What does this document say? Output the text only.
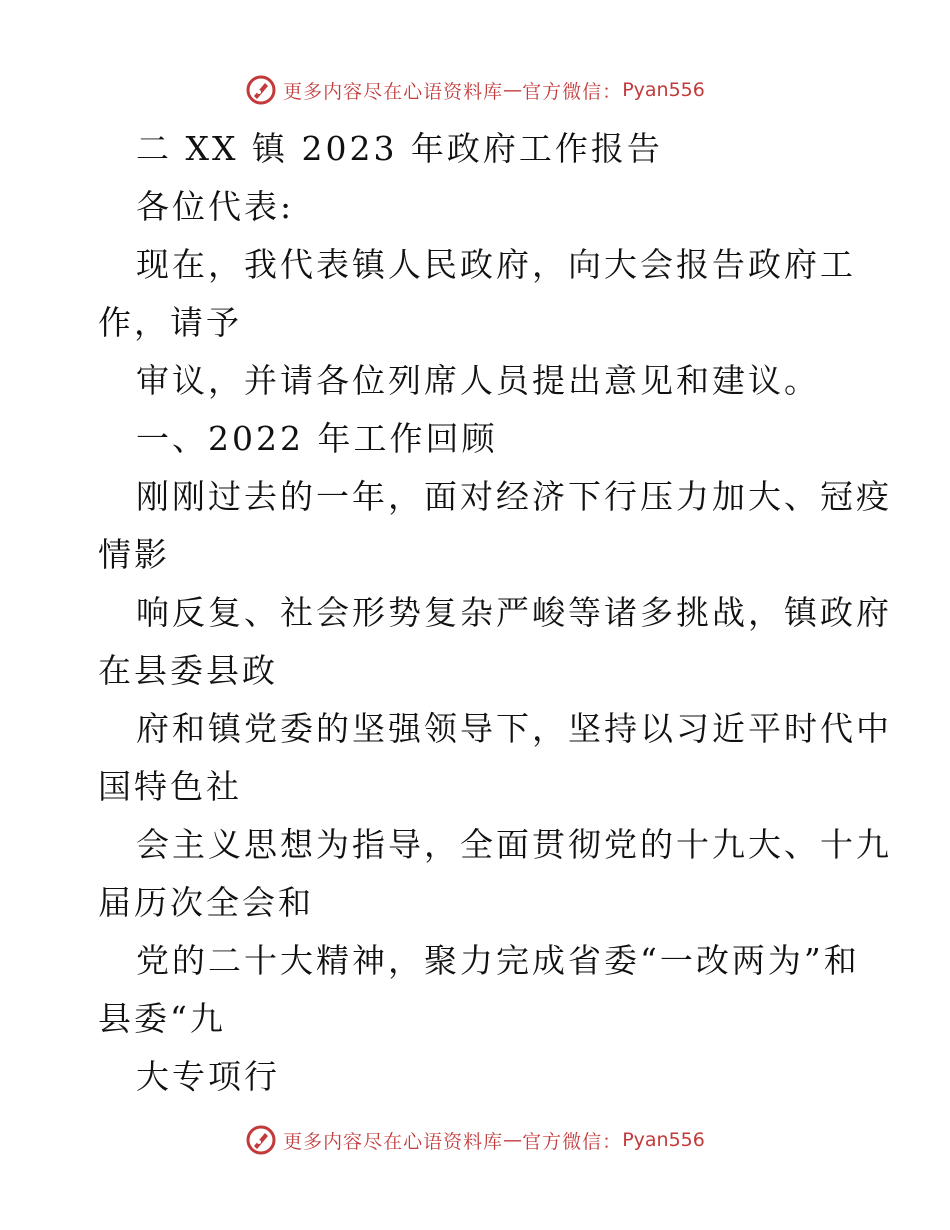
更多内容尽在心语资料库 — 官方微信： Pyan556
二 XX 镇 2023 年政府工作报告
各位代表:
现在，我代表镇人民政府，向大会报告政府工
作，请予
审议，并请各位列席人员提出意见和建议。
一、2022 年工作回顾
刚刚过去的一年，面对经济下行压力加大、冠疫
情影
响反复、社会形势复杂严峻等诸多挑战，镇政府
在县委县政
府和镇党委的坚强领导下，坚持以习近平时代中
国特色社
会主义思想为指导，全面贯彻党的十九大、十九
届历次全会和
党的二十大精神，聚力完成省委“一改两为”和
县委“九
大专项行
更多内容尽在心语资料库 — 官方微信： Pyan556
